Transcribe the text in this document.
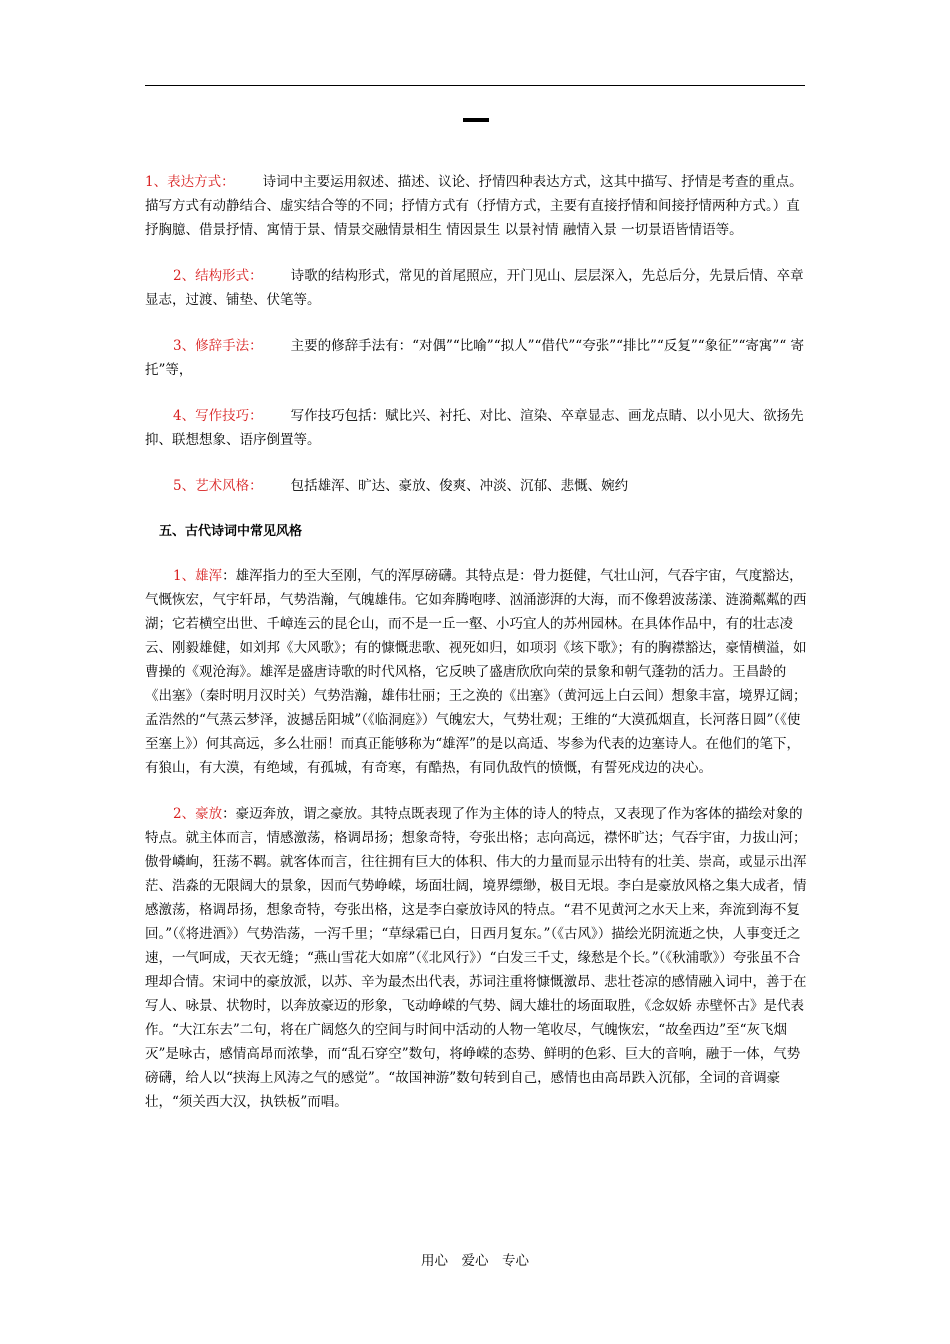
1、表达方式： 诗词中主要运用叙述、描述、议论、抒情四种表达方式，这其中描写、抒情是考查的重点。描写方式有动静结合、虚实结合等的不同；抒情方式有（抒情方式，主要有直接抒情和间接抒情两种方式。）直抒胸臆、借景抒情、寓情于景、情景交融情景相生 情因景生 以景衬情 融情入景 一切景语皆情语等。

2、结构形式： 诗歌的结构形式，常见的首尾照应，开门见山、层层深入，先总后分，先景后情、卒章显志，过渡、铺垫、伏笔等。

3、修辞手法： 主要的修辞手法有：“对偶”“比喻”“拟人”“借代”“夸张”“排比”“反复”“象征”“寄寓”“ 寄托”等，

4、写作技巧： 写作技巧包括：赋比兴、衬托、对比、渲染、卒章显志、画龙点睛、以小见大、欲扬先抑、联想想象、语序倒置等。

5、艺术风格： 包括雄浑、旷达、豪放、俊爽、冲淡、沉郁、悲慨、婉约

五、古代诗词中常见风格

1、雄浑：雄浑指力的至大至刚，气的浑厚磅礴。其特点是：骨力挺健，气壮山河，气吞宇宙，气度豁达，气慨恢宏，气宇轩昂，气势浩瀚，气魄雄伟。它如奔腾咆哮、汹涌澎湃的大海，而不像碧波荡漾、涟漪粼粼的西湖；它若横空出世、千嶂连云的昆仑山，而不是一丘一壑、小巧宜人的苏州园林。在具体作品中，有的壮志凌云、刚毅雄健，如刘邦《大风歌》；有的慷慨悲歌、视死如归，如项羽《垓下歌》；有的胸襟豁达，豪情横溢，如曹操的《观沧海》。雄浑是盛唐诗歌的时代风格，它反映了盛唐欣欣向荣的景象和朝气蓬勃的活力。王昌龄的《出塞》（秦时明月汉时关）气势浩瀚，雄伟壮丽；王之涣的《出塞》（黄河远上白云间）想象丰富，境界辽阔；孟浩然的“气蒸云梦泽，波撼岳阳城”（《临洞庭》）气魄宏大，气势壮观；王维的“大漠孤烟直，长河落日圆”（《使至塞上》）何其高远，多么壮丽！而真正能够称为“雄浑”的是以高适、岑参为代表的边塞诗人。在他们的笔下，有狼山，有大漠，有绝域，有孤城，有奇寒，有酷热，有同仇敌忾的愤慨，有誓死戍边的决心。

2、豪放：豪迈奔放，谓之豪放。其特点既表现了作为主体的诗人的特点，又表现了作为客体的描绘对象的特点。就主体而言，情感激荡，格调昂扬；想象奇特，夸张出格；志向高远，襟怀旷达；气吞宇宙，力拔山河；傲骨嶙峋，狂荡不羁。就客体而言，往往拥有巨大的体积、伟大的力量而显示出特有的壮美、崇高，或显示出浑茫、浩淼的无限阔大的景象，因而气势峥嵘，场面壮阔，境界缥缈，极目无垠。李白是豪放风格之集大成者，情感激荡，格调昂扬，想象奇特，夸张出格，这是李白豪放诗风的特点。“君不见黄河之水天上来，奔流到海不复回。”（《将进酒》）气势浩荡，一泻千里；“草绿霜已白，日西月复东。”（《古风》）描绘光阴流逝之快，人事变迁之速，一气呵成，天衣无缝；“燕山雪花大如席”（《北风行》）“白发三千丈，缘愁是个长。”（《秋浦歌》）夸张虽不合理却合情。宋词中的豪放派，以苏、辛为最杰出代表，苏词注重将慷慨激昂、悲壮苍凉的感情融入词中，善于在写人、咏景、状物时，以奔放豪迈的形象，飞动峥嵘的气势、阔大雄壮的场面取胜，《念奴娇 赤壁怀古》是代表作。“大江东去”二句，将在广阔悠久的空间与时间中活动的人物一笔收尽，气魄恢宏，“故垒西边”至“灰飞烟灭”是咏古，感情高昂而浓挚，而“乱石穿空”数句，将峥嵘的态势、鲜明的色彩、巨大的音响，融于一体，气势磅礴，给人以“挟海上风涛之气的感觉”。“故国神游”数句转到自己，感情也由高昂跌入沉郁，全词的音调豪壮，“须关西大汉，执铁板”而唱。

用心　爱心　专心
